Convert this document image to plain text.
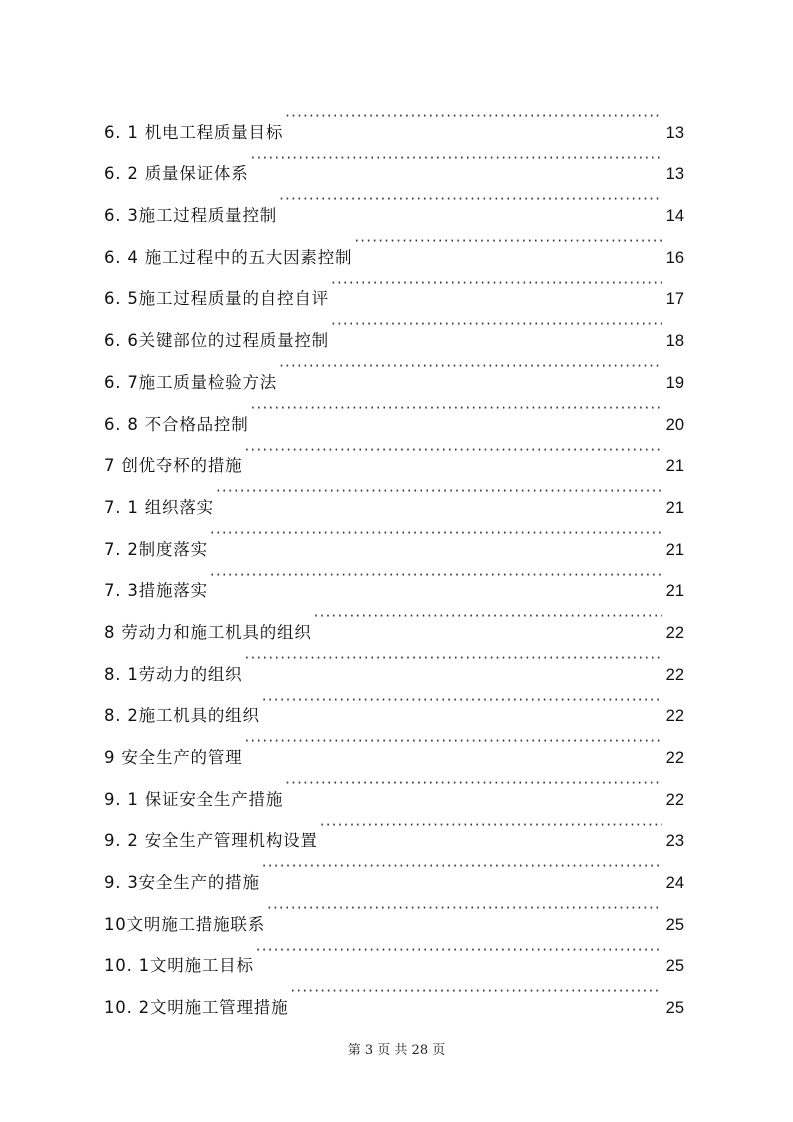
6. 1 机电工程质量目标 ·····	13
6. 2 质量保证体系 ·····	13
6. 3施工过程质量控制 ·····	14
6. 4 施工过程中的五大因素控制 ·····	16
6. 5施工过程质量的自控自评 ·····	17
6. 6关键部位的过程质量控制 ·····	18
6. 7施工质量检验方法 ·····	19
6. 8 不合格品控制 ·····	20
7 创优夺杯的措施 ·····	21
7. 1 组织落实 ·····	21
7. 2制度落实 ·····	21
7. 3措施落实 ·····	21
8 劳动力和施工机具的组织 ·····	22
8. 1劳动力的组织 ·····	22
8. 2施工机具的组织 ·····	22
9 安全生产的管理 ·····	22
9. 1 保证安全生产措施 ·····	22
9. 2 安全生产管理机构设置 ·····	23
9. 3安全生产的措施 ·····	24
10文明施工措施联系 ·····	25
10. 1文明施工目标 ·····	25
10. 2文明施工管理措施 ·····	25
第 3 页 共 28 页
